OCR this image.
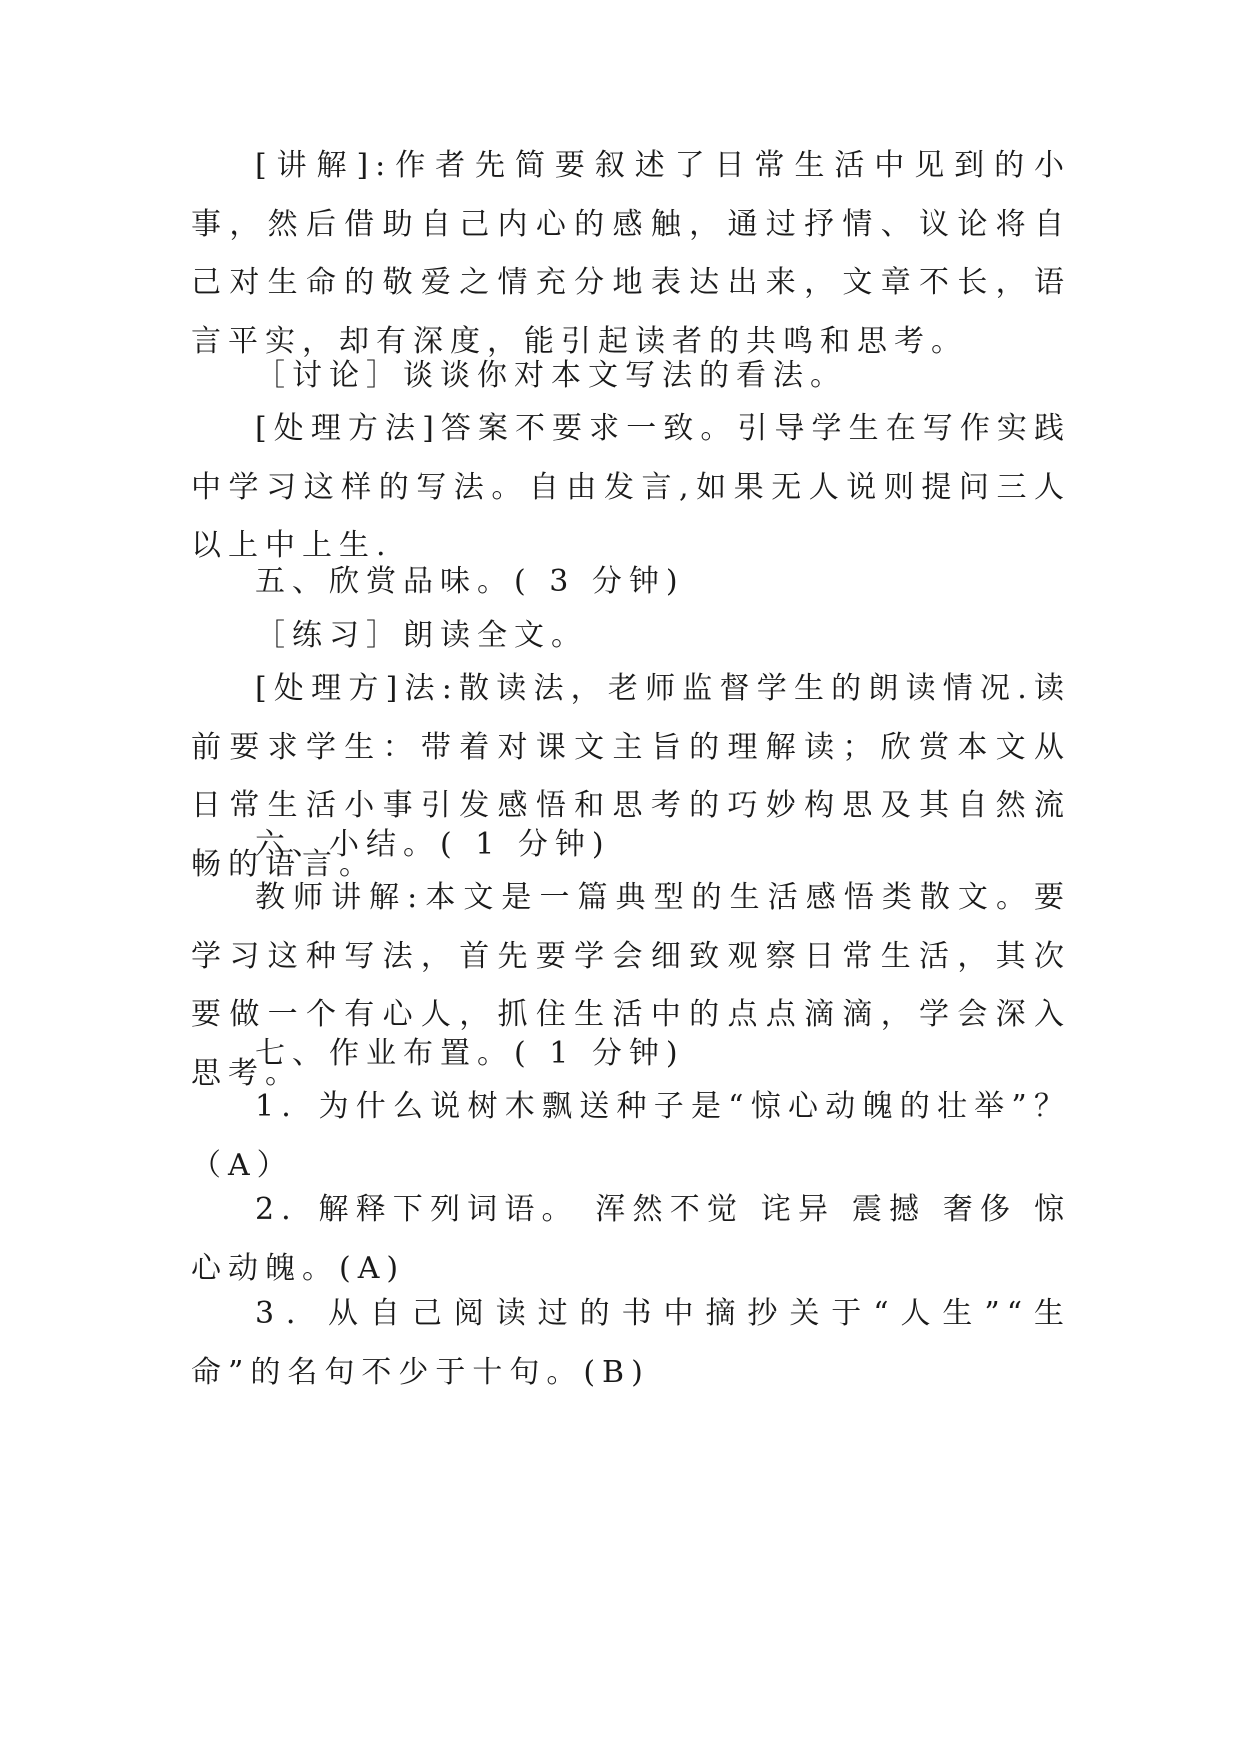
[讲解]:作者先简要叙述了日常生活中见到的小事，然后借助自己内心的感触，通过抒情、议论将自己对生命的敬爱之情充分地表达出来，文章不长，语言平实，却有深度，能引起读者的共鸣和思考。

［讨论］谈谈你对本文写法的看法。

[处理方法]答案不要求一致。引导学生在写作实践中学习这样的写法。自由发言,如果无人说则提问三人以上中上生.

五、欣赏品味。( 3 分钟)

［练习］朗读全文。

[处理方]法:散读法，老师监督学生的朗读情况.读前要求学生：带着对课文主旨的理解读；欣赏本文从日常生活小事引发感悟和思考的巧妙构思及其自然流畅的语言。

六、小结。( 1 分钟)

教师讲解:本文是一篇典型的生活感悟类散文。要学习这种写法，首先要学会细致观察日常生活，其次要做一个有心人，抓住生活中的点点滴滴，学会深入思考。

七、作业布置。( 1 分钟)

1．为什么说树木飘送种子是“惊心动魄的壮举”？（A）

2．解释下列词语。 浑然不觉 诧异 震撼 奢侈 惊心动魄。(A)

3．从自己阅读过的书中摘抄关于“人生”“生命”的名句不少于十句。(B)
